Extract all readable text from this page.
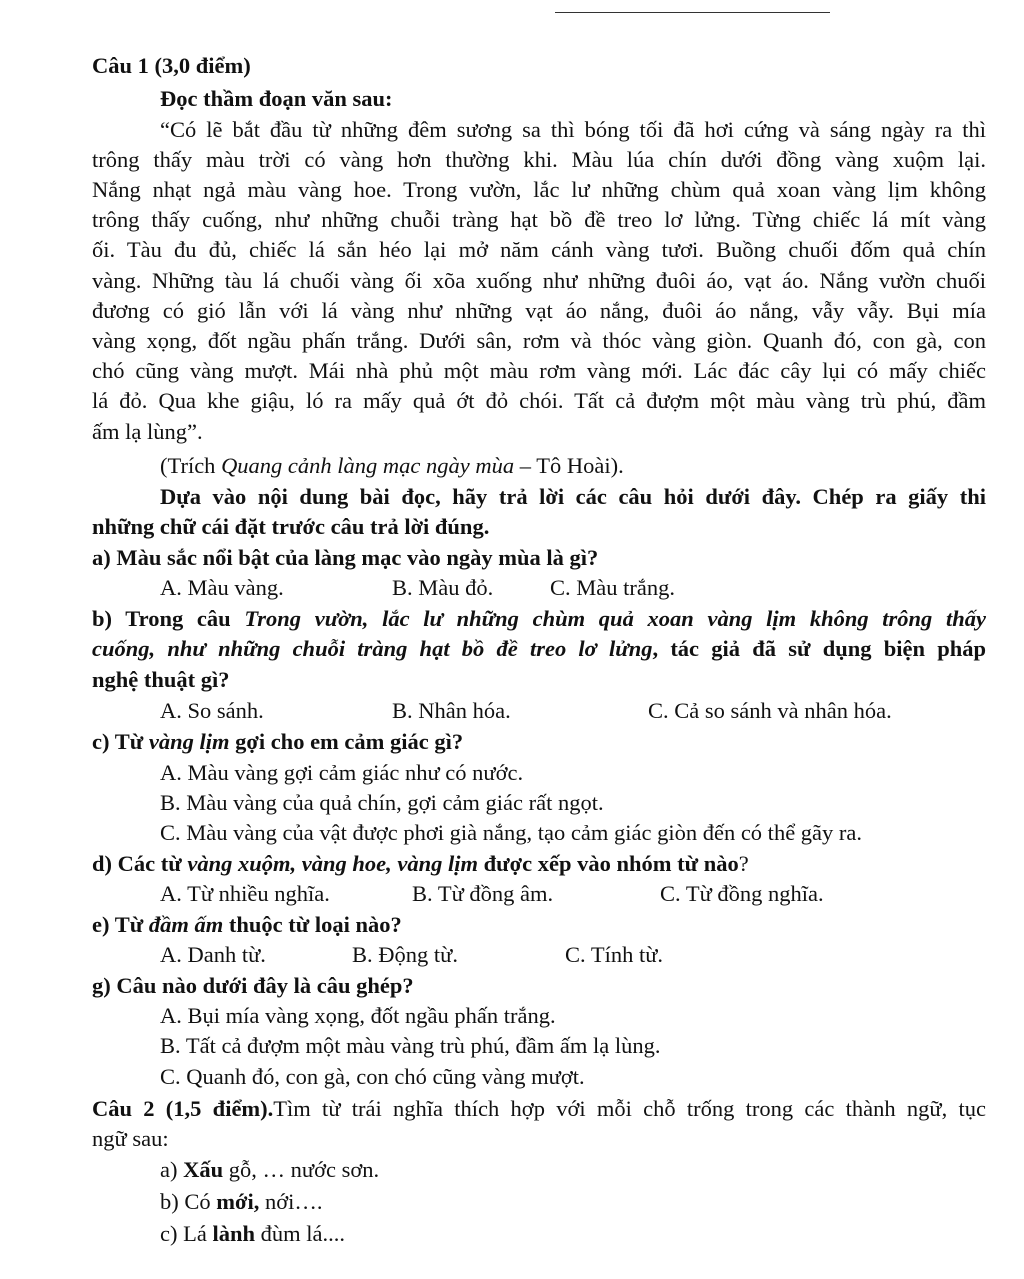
Câu 1 (3,0 điểm)
Đọc thầm đoạn văn sau:
“Có lẽ bắt đầu từ những đêm sương sa thì bóng tối đã hơi cứng và sáng ngày ra thì
trông thấy màu trời có vàng hơn thường khi. Màu lúa chín dưới đồng vàng xuộm lại.
Nắng nhạt ngả màu vàng hoe. Trong vườn, lắc lư những chùm quả xoan vàng lịm không
trông thấy cuống, như những chuỗi tràng hạt bồ đề treo lơ lửng. Từng chiếc lá mít vàng
ối. Tàu đu đủ, chiếc lá sắn héo lại mở năm cánh vàng tươi. Buồng chuối đốm quả chín
vàng. Những tàu lá chuối vàng ối xõa xuống như những đuôi áo, vạt áo. Nắng vườn chuối
đương có gió lẫn với lá vàng như những vạt áo nắng, đuôi áo nắng, vẫy vẫy. Bụi mía
vàng xọng, đốt ngầu phấn trắng. Dưới sân, rơm và thóc vàng giòn. Quanh đó, con gà, con
chó cũng vàng mượt. Mái nhà phủ một màu rơm vàng mới. Lác đác cây lụi có mấy chiếc
lá đỏ. Qua khe giậu, ló ra mấy quả ớt đỏ chói. Tất cả đượm một màu vàng trù phú, đầm
ấm lạ lùng”.
(Trích Quang cảnh làng mạc ngày mùa – Tô Hoài).
Dựa vào nội dung bài đọc, hãy trả lời các câu hỏi dưới đây. Chép ra giấy thi
những chữ cái đặt trước câu trả lời đúng.
a) Màu sắc nổi bật của làng mạc vào ngày mùa là gì?
A. Màu vàng.	B. Màu đỏ.	C. Màu trắng.
b) Trong câu Trong vườn, lắc lư những chùm quả xoan vàng lịm không trông thấy
cuống, như những chuỗi tràng hạt bồ đề treo lơ lửng, tác giả đã sử dụng biện pháp
nghệ thuật gì?
A. So sánh.	B. Nhân hóa.	C. Cả so sánh và nhân hóa.
c) Từ vàng lịm gợi cho em cảm giác gì?
A. Màu vàng gợi cảm giác như có nước.
B. Màu vàng của quả chín, gợi cảm giác rất ngọt.
C. Màu vàng của vật được phơi già nắng, tạo cảm giác giòn đến có thể gãy ra.
d) Các từ vàng xuộm, vàng hoe, vàng lịm được xếp vào nhóm từ nào?
A. Từ nhiều nghĩa.	B. Từ đồng âm.	C. Từ đồng nghĩa.
e) Từ đầm ấm thuộc từ loại nào?
A. Danh từ.	B. Động từ.	C. Tính từ.
g) Câu nào dưới đây là câu ghép?
A. Bụi mía vàng xọng, đốt ngầu phấn trắng.
B. Tất cả đượm một màu vàng trù phú, đầm ấm lạ lùng.
C. Quanh đó, con gà, con chó cũng vàng mượt.
Câu 2 (1,5 điểm).Tìm từ trái nghĩa thích hợp với mỗi chỗ trống trong các thành ngữ, tục
ngữ sau:
a) Xấu gỗ, … nước sơn.
b) Có mới, nới….
c) Lá lành đùm lá....
